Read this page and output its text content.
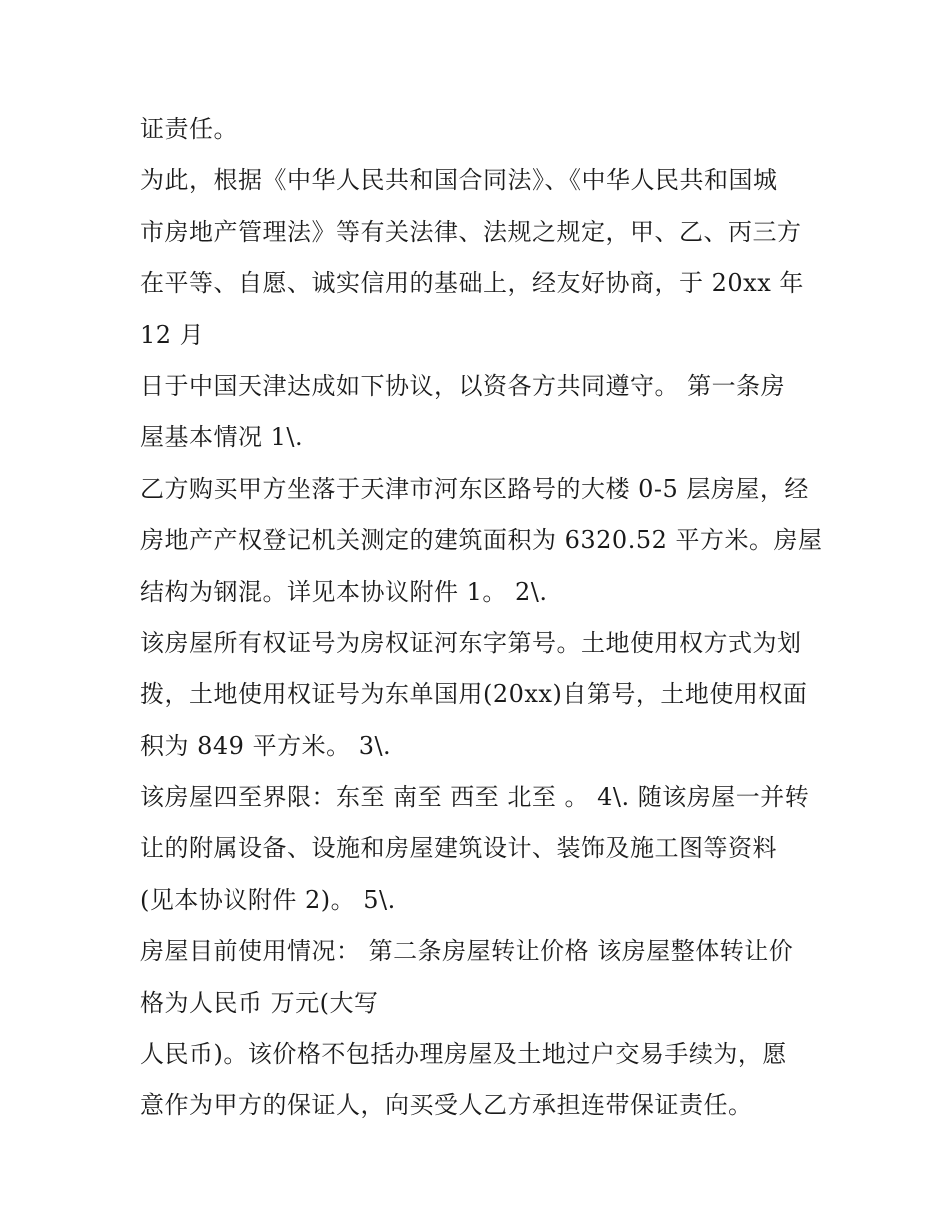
证责任。
为此，根据《中华人民共和国合同法》、《中华人民共和国城
市房地产管理法》等有关法律、法规之规定，甲、乙、丙三方
在平等、自愿、诚实信用的基础上，经友好协商，于 20xx 年
12 月
日于中国天津达成如下协议，以资各方共同遵守。 第一条房
屋基本情况 1\.
乙方购买甲方坐落于天津市河东区路号的大楼 0-5 层房屋，经
房地产产权登记机关测定的建筑面积为 6320.52 平方米。房屋
结构为钢混。详见本协议附件 1。 2\.
该房屋所有权证号为房权证河东字第号。土地使用权方式为划
拨，土地使用权证号为东单国用(20xx)自第号，土地使用权面
积为 849 平方米。 3\.
该房屋四至界限：东至 南至 西至 北至 。 4\. 随该房屋一并转
让的附属设备、设施和房屋建筑设计、装饰及施工图等资料
(见本协议附件 2)。 5\.
房屋目前使用情况： 第二条房屋转让价格 该房屋整体转让价
格为人民币 万元(大写
人民币)。该价格不包括办理房屋及土地过户交易手续为，愿
意作为甲方的保证人，向买受人乙方承担连带保证责任。
